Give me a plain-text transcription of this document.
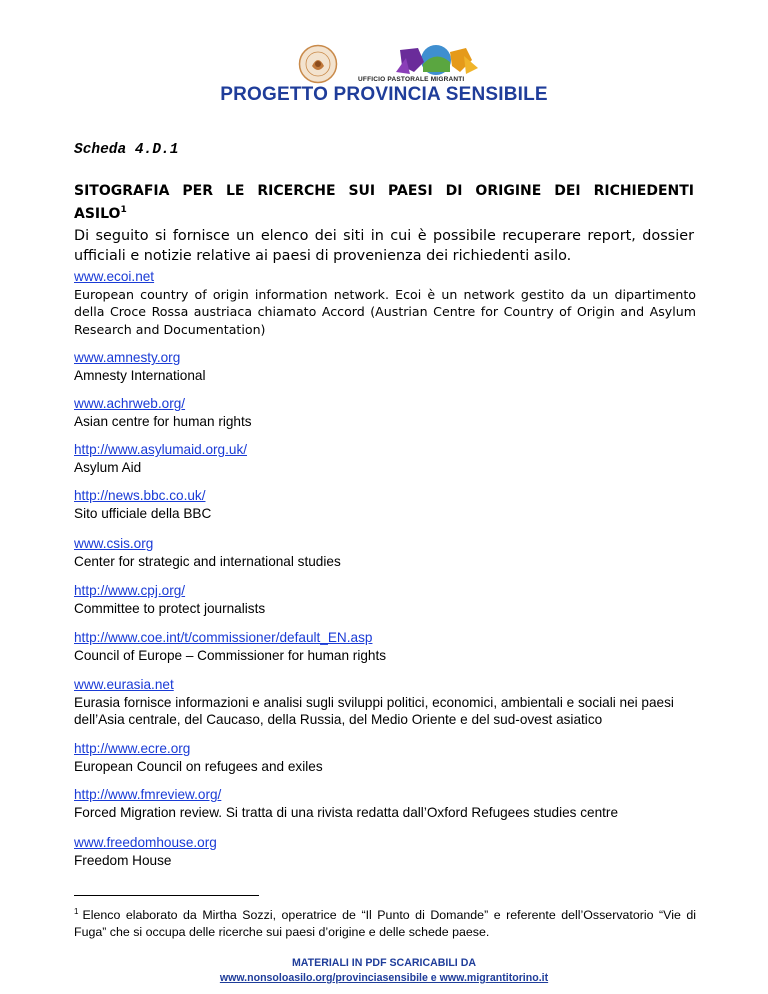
UFFICIO PASTORALE MIGRANTI
PROGETTO PROVINCIA SENSIBILE
Scheda 4.D.1
SITOGRAFIA PER LE RICERCHE SUI PAESI DI ORIGINE DEI RICHIEDENTI
ASILO$^1$
Di seguito si fornisce un elenco dei siti in cui è possibile recuperare report, dossier ufficiali e notizie relative ai paesi di provenienza dei richiedenti asilo.
www.ecoi.net
European country of origin information network. Ecoi è un network gestito da un dipartimento della Croce Rossa austriaca chiamato Accord (Austrian Centre for Country of Origin and Asylum Research and Documentation)
www.amnesty.org
Amnesty International
www.achrweb.org/
Asian centre for human rights
http://www.asylumaid.org.uk/
Asylum Aid
http://news.bbc.co.uk/
Sito ufficiale della BBC
www.csis.org
Center for strategic and international studies
http://www.cpj.org/
Committee to protect journalists
http://www.coe.int/t/commissioner/default_EN.asp
Council of Europe – Commissioner for human rights
www.eurasia.net
Eurasia fornisce informazioni e analisi sugli sviluppi politici, economici, ambientali e sociali nei paesi dell’Asia centrale, del Caucaso, della Russia, del Medio Oriente e del sud-ovest asiatico
http://www.ecre.org
European Council on refugees and exiles
http://www.fmreview.org/
Forced Migration review. Si tratta di una rivista redatta dall’Oxford Refugees studies centre
www.freedomhouse.org
Freedom House
$^1$ Elenco elaborato da Mirtha Sozzi, operatrice de “Il Punto di Domande” e referente dell’Osservatorio “Vie di Fuga” che si occupa delle ricerche sui paesi d’origine e delle schede paese.
MATERIALI IN PDF SCARICABILI DA
www.nonsoloasilo.org/provinciasensibile e www.migrantitorino.it
